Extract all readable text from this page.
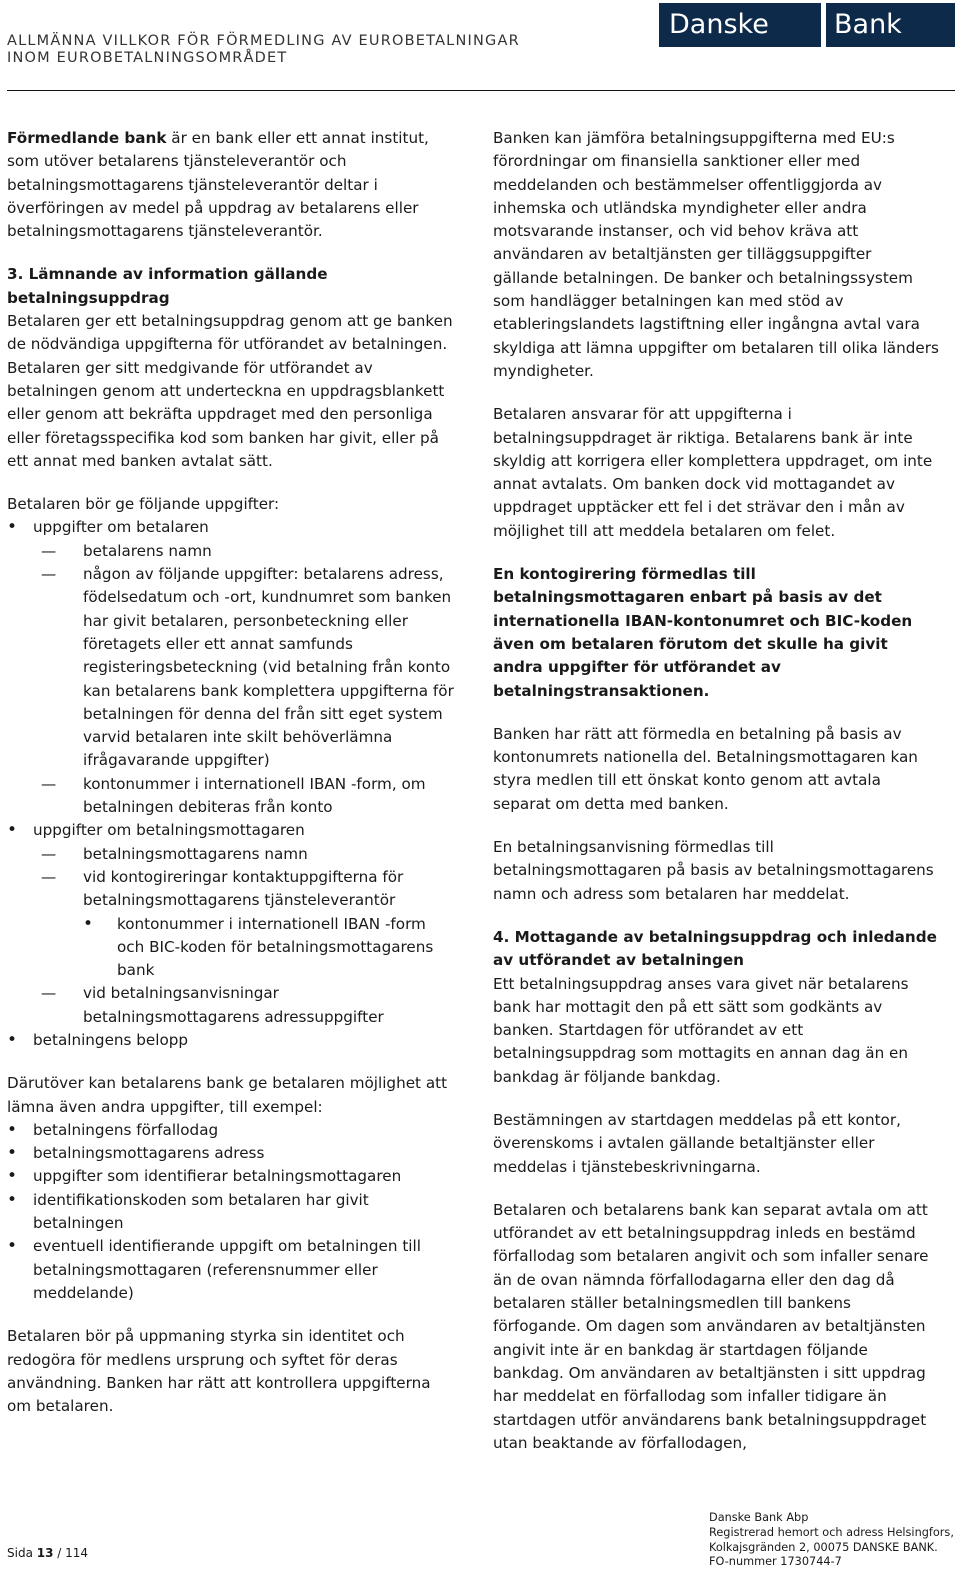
ALLMÄNNA VILLKOR FÖR FÖRMEDLING AV EUROBETALNINGAR
INOM EUROBETALNINGSOMRÅDET
Danske	Bank

Förmedlande bank är en bank eller ett annat institut, som utöver betalarens tjänsteleverantör och betalningsmottagarens tjänsteleverantör deltar i överföringen av medel på uppdrag av betalarens eller betalningsmottagarens tjänsteleverantör.

3. Lämnande av information gällande betalningsuppdrag
Betalaren ger ett betalningsuppdrag genom att ge banken de nödvändiga uppgifterna för utförandet av betalningen. Betalaren ger sitt medgivande för utförandet av betalningen genom att underteckna en uppdragsblankett eller genom att bekräfta uppdraget med den personliga eller företagsspecifika kod som banken har givit, eller på ett annat med banken avtalat sätt.
Betalaren bör ge följande uppgifter:
• uppgifter om betalaren
— betalarens namn
— någon av följande uppgifter: betalarens adress, födelsedatum och -ort, kundnumret som banken har givit betalaren, personbeteckning eller företagets eller ett annat samfunds registeringsbeteckning (vid betalning från konto kan betalarens bank komplettera uppgifterna för betalningen för denna del från sitt eget system varvid betalaren inte skilt behöverlämna ifrågavarande uppgifter)
— kontonummer i internationell IBAN -form, om betalningen debiteras från konto
• uppgifter om betalningsmottagaren
— betalningsmottagarens namn
— vid kontogireringar kontaktuppgifterna för betalningsmottagarens tjänsteleverantör
• kontonummer i internationell IBAN -form och BIC-koden för betalningsmottagarens bank
— vid betalningsanvisningar betalningsmottagarens adressuppgifter
• betalningens belopp
Därutöver kan betalarens bank ge betalaren möjlighet att lämna även andra uppgifter, till exempel:
• betalningens förfallodag
• betalningsmottagarens adress
• uppgifter som identifierar betalningsmottagaren
• identifikationskoden som betalaren har givit betalningen
• eventuell identifierande uppgift om betalningen till betalningsmottagaren (referensnummer eller meddelande)

Betalaren bör på uppmaning styrka sin identitet och redogöra för medlens ursprung och syftet för deras användning. Banken har rätt att kontrollera uppgifterna om betalaren.

Banken kan jämföra betalningsuppgifterna med EU:s förordningar om finansiella sanktioner eller med meddelanden och bestämmelser offentliggjorda av inhemska och utländska myndigheter eller andra motsvarande instanser, och vid behov kräva att användaren av betaltjänsten ger tilläggsuppgifter gällande betalningen. De banker och betalningssystem som handlägger betalningen kan med stöd av etableringslandets lagstiftning eller ingångna avtal vara skyldiga att lämna uppgifter om betalaren till olika länders myndigheter.

Betalaren ansvarar för att uppgifterna i betalningsuppdraget är riktiga. Betalarens bank är inte skyldig att korrigera eller komplettera uppdraget, om inte annat avtalats. Om banken dock vid mottagandet av uppdraget upptäcker ett fel i det strävar den i mån av möjlighet till att meddela betalaren om felet.

En kontogirering förmedlas till betalningsmottagaren enbart på basis av det internationella IBAN-kontonumret och BIC-koden även om betalaren förutom det skulle ha givit andra uppgifter för utförandet av betalningstransaktionen.

Banken har rätt att förmedla en betalning på basis av kontonumrets nationella del. Betalningsmottagaren kan styra medlen till ett önskat konto genom att avtala separat om detta med banken.

En betalningsanvisning förmedlas till betalningsmottagaren på basis av betalningsmottagarens namn och adress som betalaren har meddelat.

4. Mottagande av betalningsuppdrag och inledande av utförandet av betalningen
Ett betalningsuppdrag anses vara givet när betalarens bank har mottagit den på ett sätt som godkänts av banken. Startdagen för utförandet av ett betalningsuppdrag som mottagits en annan dag än en bankdag är följande bankdag.

Bestämningen av startdagen meddelas på ett kontor, överenskoms i avtalen gällande betaltjänster eller meddelas i tjänstebeskrivningarna.

Betalaren och betalarens bank kan separat avtala om att utförandet av ett betalningsuppdrag inleds en bestämd förfallodag som betalaren angivit och som infaller senare än de ovan nämnda förfallodagarna eller den dag då betalaren ställer betalningsmedlen till bankens förfogande. Om dagen som användaren av betaltjänsten angivit inte är en bankdag är startdagen följande bankdag. Om användaren av betaltjänsten i sitt uppdrag har meddelat en förfallodag som infaller tidigare än startdagen utför användarens bank betalningsuppdraget utan beaktande av förfallodagen,

Sida 13 / 114
Danske Bank Abp
Registrerad hemort och adress Helsingfors,
Kolkajsgränden 2, 00075 DANSKE BANK.
FO-nummer 1730744-7
